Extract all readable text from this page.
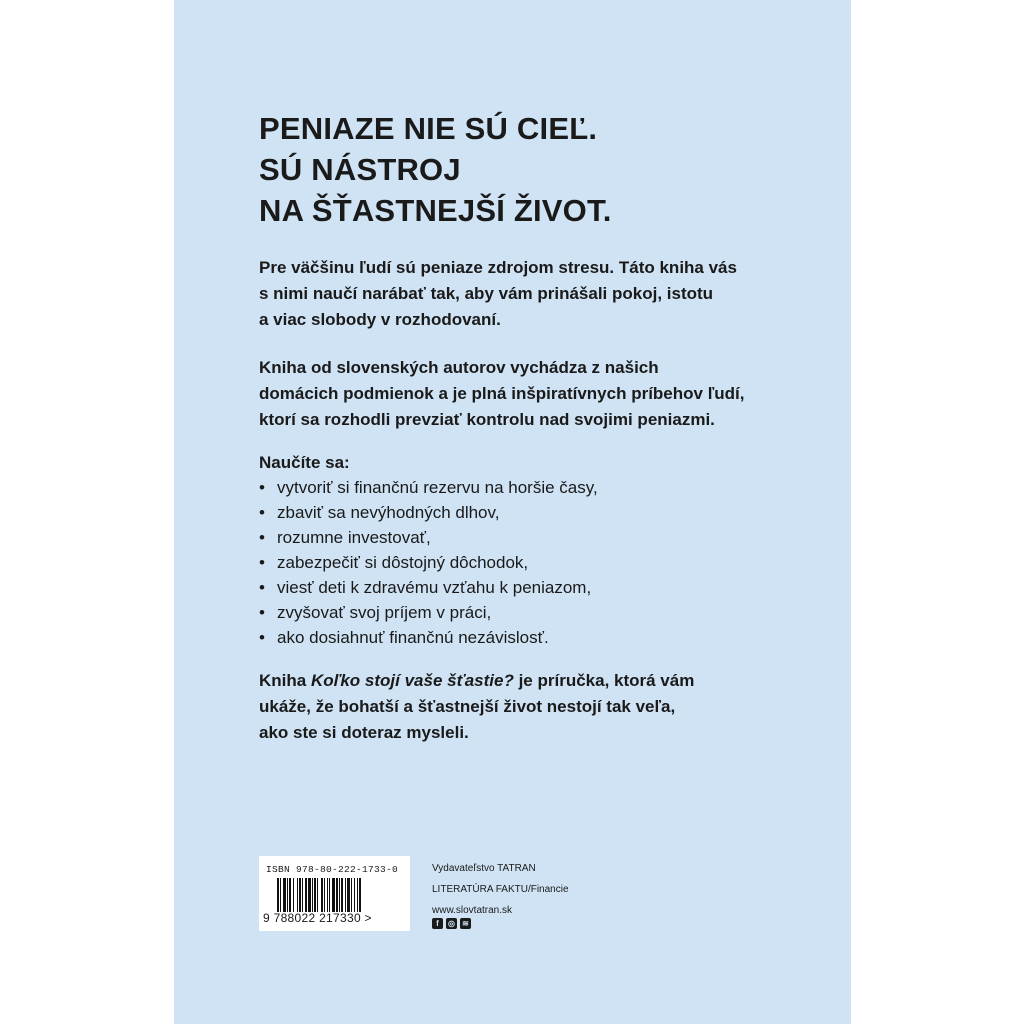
PENIAZE NIE SÚ CIEĽ.
SÚ NÁSTROJ
NA ŠŤASTNEJŠÍ ŽIVOT.
Pre väčšinu ľudí sú peniaze zdrojom stresu. Táto kniha vás
s nimi naučí narábať tak, aby vám prinášali pokoj, istotu
a viac slobody v rozhodovaní.
Kniha od slovenských autorov vychádza z našich
domácich podmienok a je plná inšpiratívnych príbehov ľudí,
ktorí sa rozhodli prevziať kontrolu nad svojimi peniazmi.
Naučíte sa:
• vytvoriť si finančnú rezervu na horšie časy,
• zbaviť sa nevýhodných dlhov,
• rozumne investovať,
• zabezpečiť si dôstojný dôchodok,
• viesť deti k zdravému vzťahu k peniazom,
• zvyšovať svoj príjem v práci,
• ako dosiahnuť finančnú nezávislosť.
Kniha Koľko stojí vaše šťastie? je príručka, ktorá vám
ukáže, že bohatší a šťastnejší život nestojí tak veľa,
ako ste si doteraz mysleli.
ISBN 978-80-222-1733-0
9 788022 217330 >
Vydavateľstvo TATRAN
LITERATÚRA FAKTU/Financie
www.slovtatran.sk
f	◎ ≋
